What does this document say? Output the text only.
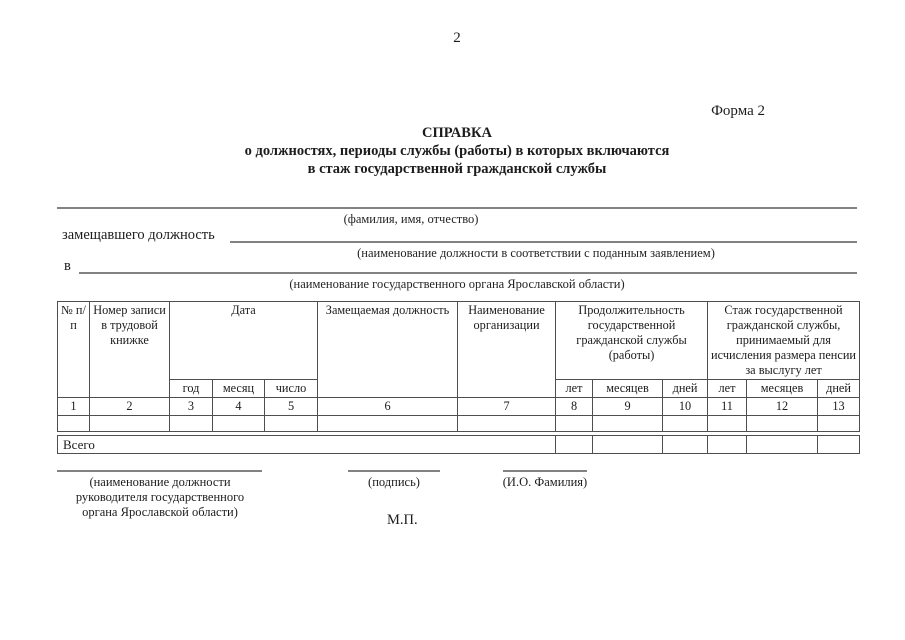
2
Форма 2
СПРАВКА
о должностях, периоды службы (работы) в которых включаются
в стаж государственной гражданской службы
(фамилия, имя, отчество)
замещавшего должность
(наименование должности в соответствии с поданным заявлением)
в
(наименование государственного органа Ярославской области)
№ п/п	Номер записи в трудовой книжке	Дата			Замещаемая должность	Наименование организации	Продолжительность государственной гражданской службы (работы)			Стаж государственной гражданской службы, принимаемый для исчисления размера пенсии за выслугу лет		
		год	месяц	число			лет	месяцев	дней	лет	месяцев	дней
1	2	3	4	5	6	7	8	9	10	11	12	13

Всего						
(наименование должности
руководителя государственного
органа Ярославской области)
(подпись)	(И.О. Фамилия)
М.П.
